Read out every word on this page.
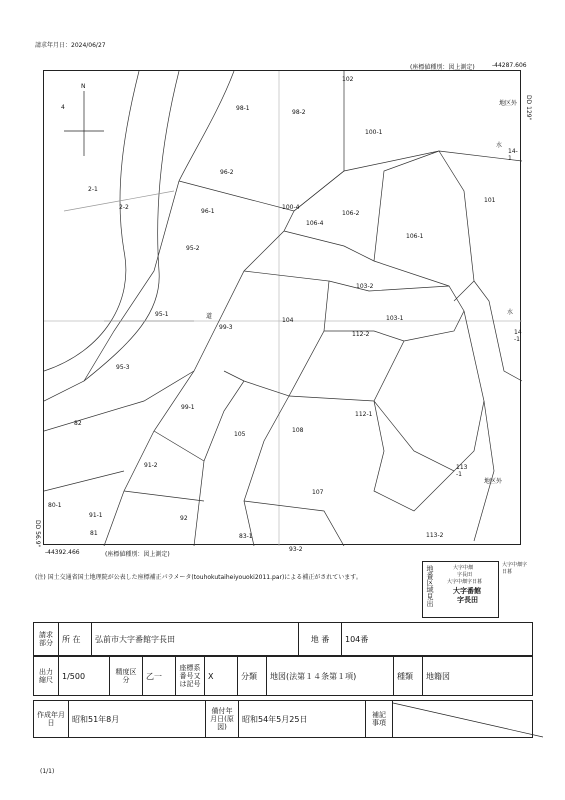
請求年月日：2024/06/27
(座標値種別：図上測定)	-44287.606
DD 129"
DD 56.9"
N
102
98-1
98-2
100-1
4
2-1
96-2
2-2
96-1
100-4
106-2
106-4
106-1
101
95-2
103-2
95-1	道
99-3
104	103-1
112-2
95-3
99-1
112-1
82
105
108
91-2
107
80-1
91-1	92
81	83-1	113-2
93-2
113
-1
14
-1
14-1
水
水
地区外
地区外
(座標値種別：図上測定)
-44392.466
(注) 国土交通省国土地理院が公表した座標補正パラメータ(touhokutaiheiyouoki2011.par)による補正がされています。	地番区域見出	大字中畑
字長田
大字中畑字日暮
大字番館
字長田
大字中畑字日暮
請求部分	所 在	弘前市大字番館字長田	地 番	104番
出力縮尺	1/500	精度区分	乙一	座標系番号又は記号	X	分類	地図(法第１４条第１項)	種類	地籍図
作成年月日	昭和51年8月	備付年月日(原図)	昭和54年5月25日	補記事項	
(1/1)
